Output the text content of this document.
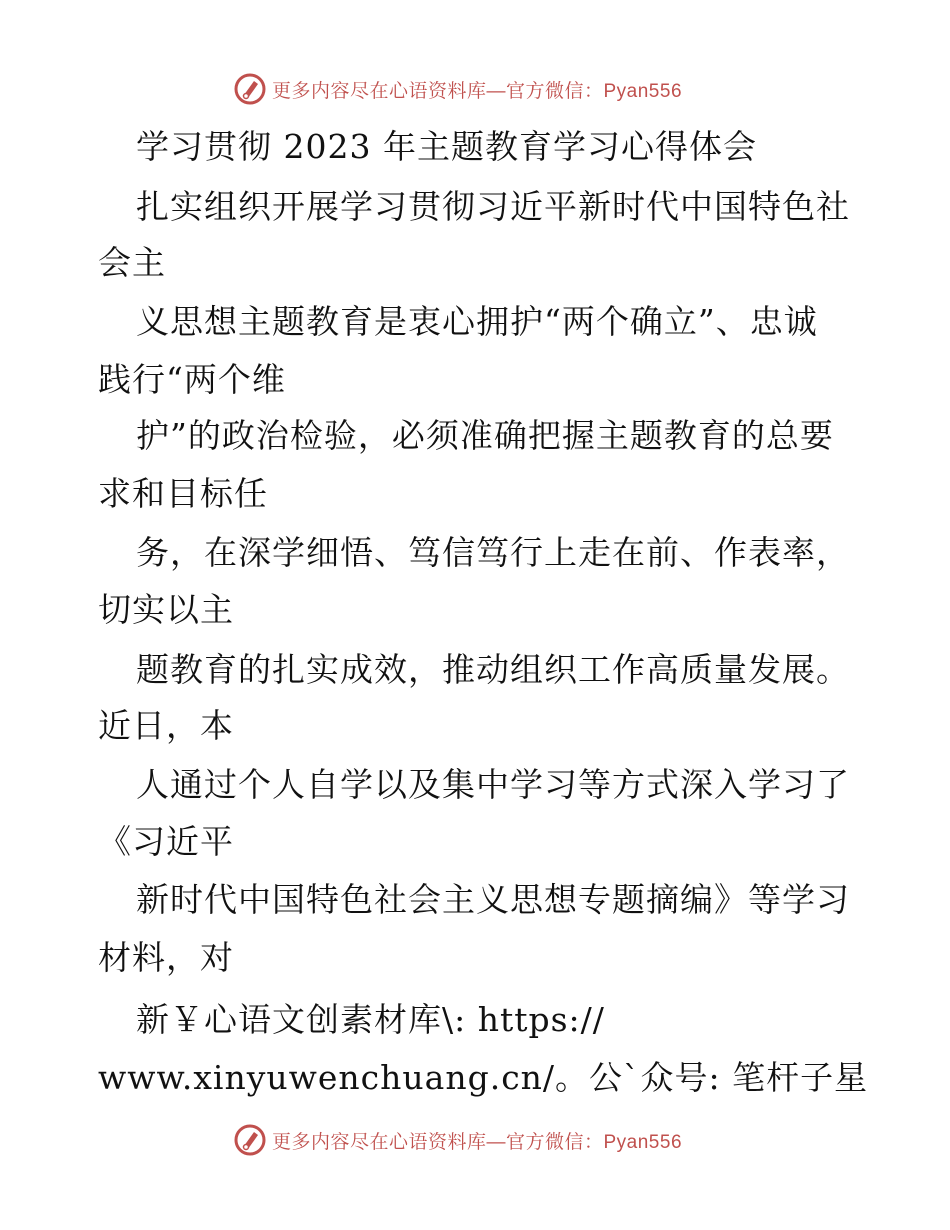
更多内容尽在心语资料库—官方微信：Pyan556
学习贯彻 2023 年主题教育学习心得体会
扎实组织开展学习贯彻习近平新时代中国特色社
会主
义思想主题教育是衷心拥护“两个确立”、忠诚
践行“两个维
护”的政治检验，必须准确把握主题教育的总要
求和目标任
务，在深学细悟、笃信笃行上走在前、作表率，
切实以主
题教育的扎实成效，推动组织工作高质量发展。
近日，本
人通过个人自学以及集中学习等方式深入学习了
《习近平
新时代中国特色社会主义思想专题摘编》等学习
材料，对
新￥心语文创素材库\: https://
www.xinyuwenchuang.cn/。公`众号: 笔杆子星
更多内容尽在心语资料库—官方微信：Pyan556
